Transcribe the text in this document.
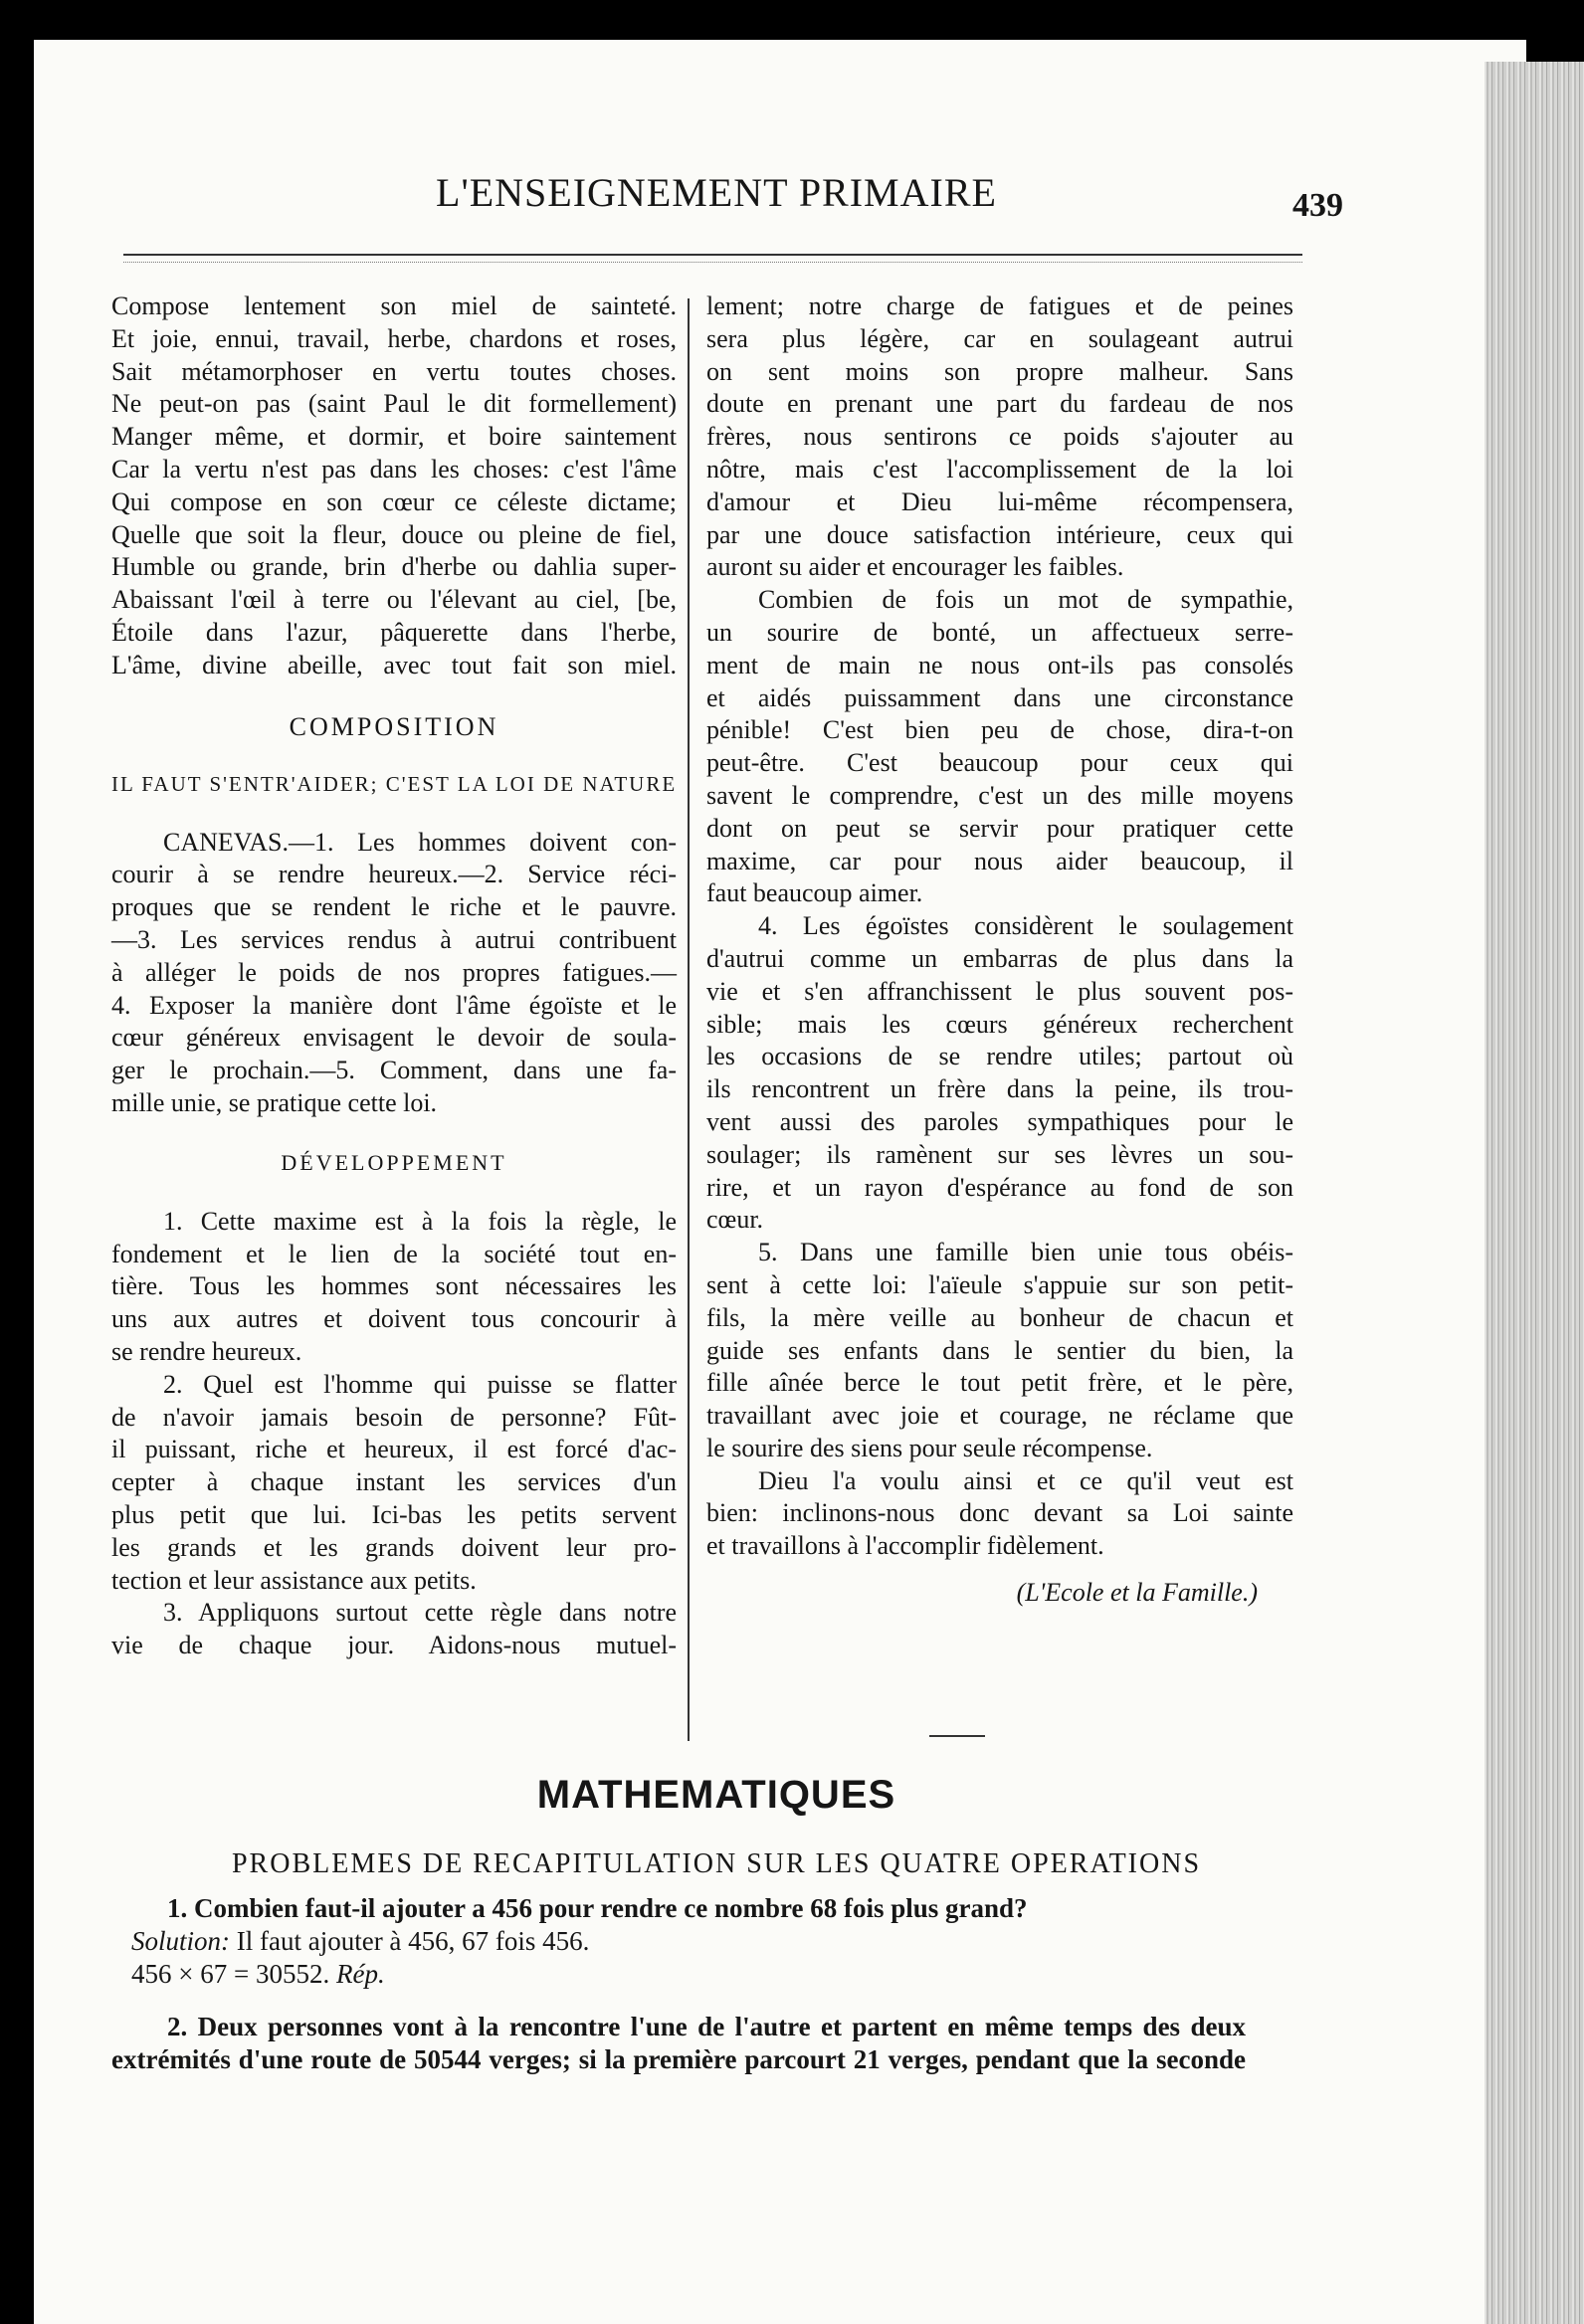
L'ENSEIGNEMENT PRIMAIRE	439
Compose lentement son miel de sainteté.
Et joie, ennui, travail, herbe, chardons et roses,
Sait métamorphoser en vertu toutes choses.
Ne peut-on pas (saint Paul le dit formellement)
Manger même, et dormir, et boire saintement
Car la vertu n'est pas dans les choses: c'est l'âme
Qui compose en son cœur ce céleste dictame;
Quelle que soit la fleur, douce ou pleine de fiel,
Humble ou grande, brin d'herbe ou dahlia super-
Abaissant l'œil à terre ou l'élevant au ciel, [be,
Étoile dans l'azur, pâquerette dans l'herbe,
L'âme, divine abeille, avec tout fait son miel.
COMPOSITION
IL FAUT S'ENTR'AIDER; C'EST LA LOI DE NATURE
CANEVAS.—1. Les hommes doivent con-
courir à se rendre heureux.—2. Service réci-
proques que se rendent le riche et le pauvre.
—3. Les services rendus à autrui contribuent
à alléger le poids de nos propres fatigues.—
4. Exposer la manière dont l'âme égoïste et le
cœur généreux envisagent le devoir de soula-
ger le prochain.—5. Comment, dans une fa-
mille unie, se pratique cette loi.
DÉVELOPPEMENT
1. Cette maxime est à la fois la règle, le
fondement et le lien de la société tout en-
tière. Tous les hommes sont nécessaires les
uns aux autres et doivent tous concourir à
se rendre heureux.
2. Quel est l'homme qui puisse se flatter
de n'avoir jamais besoin de personne? Fût-
il puissant, riche et heureux, il est forcé d'ac-
cepter à chaque instant les services d'un
plus petit que lui. Ici-bas les petits servent
les grands et les grands doivent leur pro-
tection et leur assistance aux petits.
3. Appliquons surtout cette règle dans notre
vie de chaque jour. Aidons-nous mutuel-
lement; notre charge de fatigues et de peines
sera plus légère, car en soulageant autrui
on sent moins son propre malheur. Sans
doute en prenant une part du fardeau de nos
frères, nous sentirons ce poids s'ajouter au
nôtre, mais c'est l'accomplissement de la loi
d'amour et Dieu lui-même récompensera,
par une douce satisfaction intérieure, ceux qui
auront su aider et encourager les faibles.
Combien de fois un mot de sympathie,
un sourire de bonté, un affectueux serre-
ment de main ne nous ont-ils pas consolés
et aidés puissamment dans une circonstance
pénible! C'est bien peu de chose, dira-t-on
peut-être. C'est beaucoup pour ceux qui
savent le comprendre, c'est un des mille moyens
dont on peut se servir pour pratiquer cette
maxime, car pour nous aider beaucoup, il
faut beaucoup aimer.
4. Les égoïstes considèrent le soulagement
d'autrui comme un embarras de plus dans la
vie et s'en affranchissent le plus souvent pos-
sible; mais les cœurs généreux recherchent
les occasions de se rendre utiles; partout où
ils rencontrent un frère dans la peine, ils trou-
vent aussi des paroles sympathiques pour le
soulager; ils ramènent sur ses lèvres un sou-
rire, et un rayon d'espérance au fond de son
cœur.
5. Dans une famille bien unie tous obéis-
sent à cette loi: l'aïeule s'appuie sur son petit-
fils, la mère veille au bonheur de chacun et
guide ses enfants dans le sentier du bien, la
fille aînée berce le tout petit frère, et le père,
travaillant avec joie et courage, ne réclame que
le sourire des siens pour seule récompense.
Dieu l'a voulu ainsi et ce qu'il veut est
bien: inclinons-nous donc devant sa Loi sainte
et travaillons à l'accomplir fidèlement.
(L'Ecole et la Famille.)
MATHEMATIQUES
PROBLEMES DE RECAPITULATION SUR LES QUATRE OPERATIONS
1. Combien faut-il ajouter a 456 pour rendre ce nombre 68 fois plus grand?
Solution: Il faut ajouter à 456, 67 fois 456.
456 × 67 = 30552. Rép.
2. Deux personnes vont à la rencontre l'une de l'autre et partent en même temps des deux
extrémités d'une route de 50544 verges; si la première parcourt 21 verges, pendant que la seconde
